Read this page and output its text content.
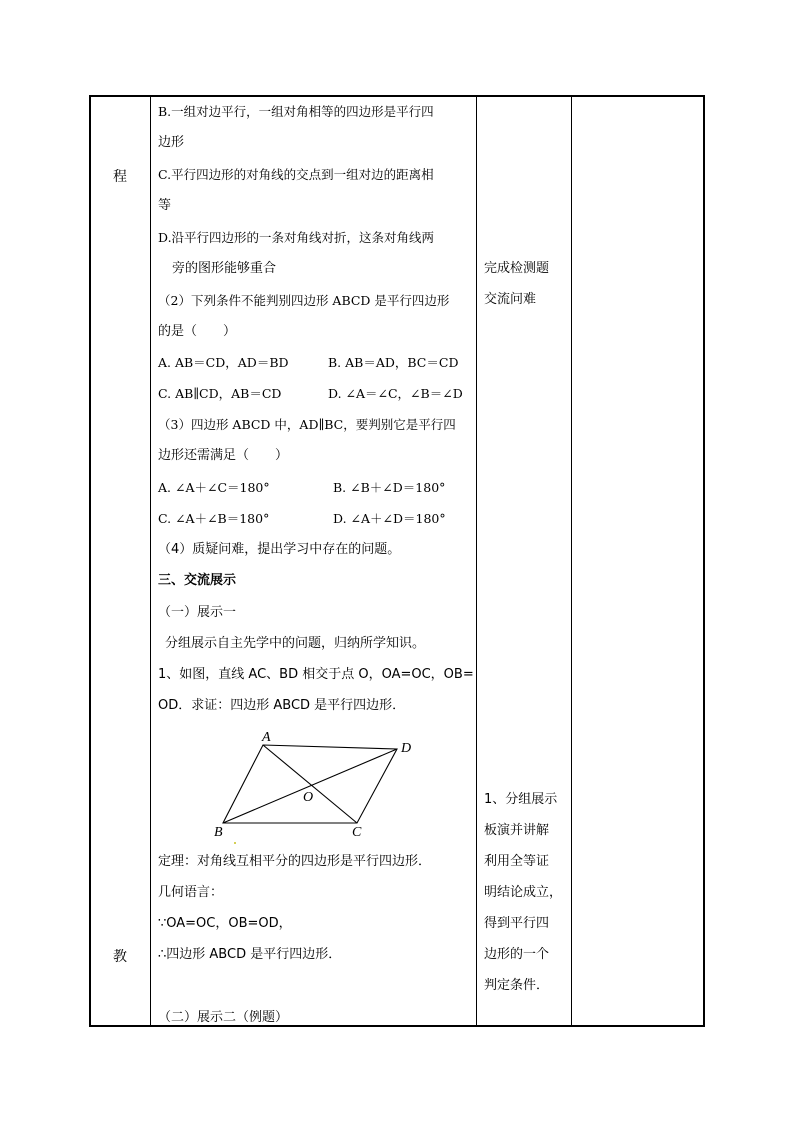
程
教
B.一组对边平行，一组对角相等的四边形是平行四
边形
C.平行四边形的对角线的交点到一组对边的距离相
等
D.沿平行四边形的一条对角线对折，这条对角线两
旁的图形能够重合
（2）下列条件不能判别四边形 ABCD 是平行四边形
的是（　　）
A. AB＝CD，AD＝BD	B. AB＝AD，BC＝CD
C. AB∥CD，AB＝CD	D. ∠A＝∠C，∠B＝∠D
（3）四边形 ABCD 中，AD∥BC，要判别它是平行四
边形还需满足（　　）
A. ∠A＋∠C＝180°	B. ∠B＋∠D＝180°
C. ∠A＋∠B＝180°	D. ∠A＋∠D＝180°
（4）质疑问难，提出学习中存在的问题。
三、交流展示
（一）展示一
分组展示自主先学中的问题，归纳所学知识。
1、如图，直线 AC、BD 相交于点 O，OA=OC，OB=
OD．求证：四边形 ABCD 是平行四边形．
A
D
B	C
O
定理：对角线互相平分的四边形是平行四边形．
几何语言：
∵OA=OC，OB=OD，
∴四边形 ABCD 是平行四边形．
（二）展示二（例题）
完成检测题
交流问难
1、分组展示
板演并讲解
利用全等证
明结论成立，
得到平行四
边形的一个
判定条件．
